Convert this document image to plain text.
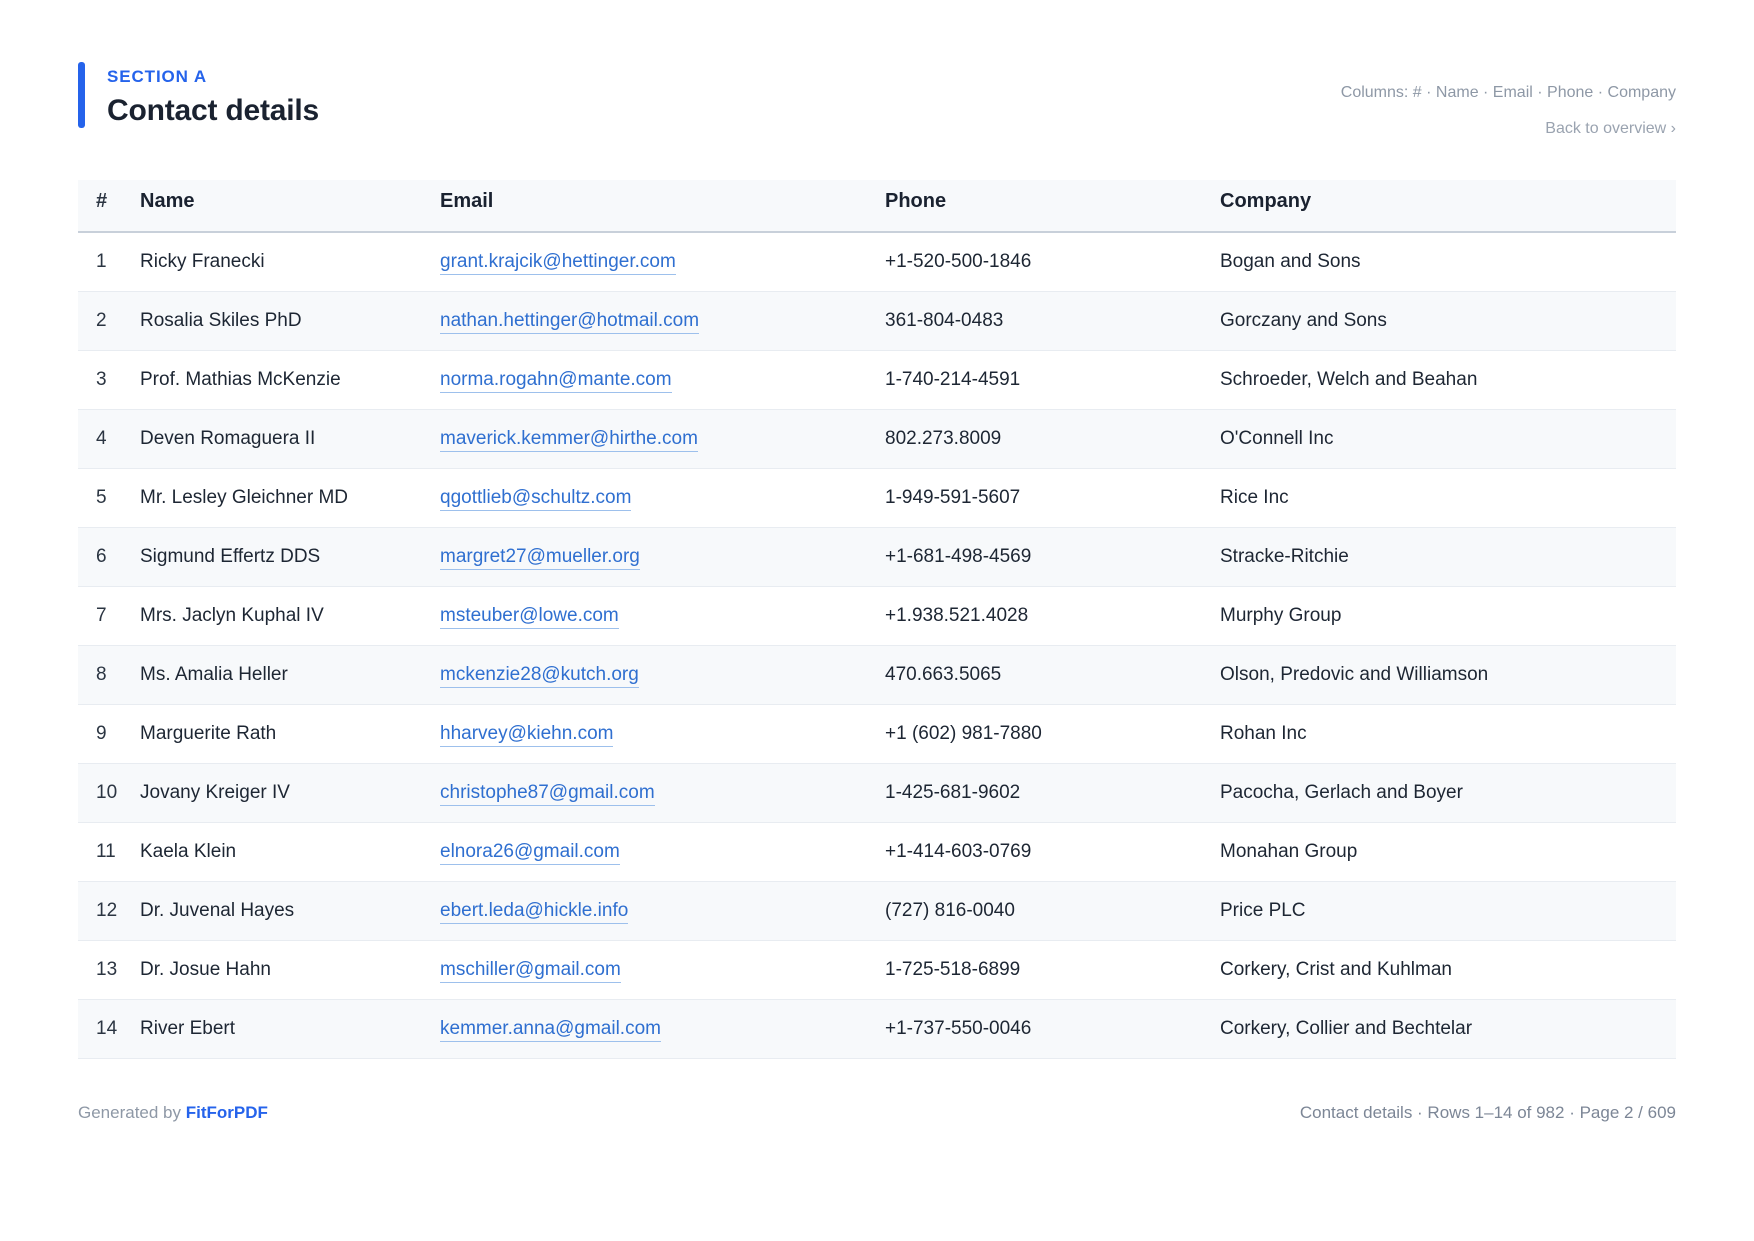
SECTION A
Contact details
Columns: # · Name · Email · Phone · Company
Back to overview ›
#	Name	Email	Phone	Company
1	Ricky Franecki	grant.krajcik@hettinger.com	+1-520-500-1846	Bogan and Sons
2	Rosalia Skiles PhD	nathan.hettinger@hotmail.com	361-804-0483	Gorczany and Sons
3	Prof. Mathias McKenzie	norma.rogahn@mante.com	1-740-214-4591	Schroeder, Welch and Beahan
4	Deven Romaguera II	maverick.kemmer@hirthe.com	802.273.8009	O'Connell Inc
5	Mr. Lesley Gleichner MD	qgottlieb@schultz.com	1-949-591-5607	Rice Inc
6	Sigmund Effertz DDS	margret27@mueller.org	+1-681-498-4569	Stracke-Ritchie
7	Mrs. Jaclyn Kuphal IV	msteuber@lowe.com	+1.938.521.4028	Murphy Group
8	Ms. Amalia Heller	mckenzie28@kutch.org	470.663.5065	Olson, Predovic and Williamson
9	Marguerite Rath	hharvey@kiehn.com	+1 (602) 981-7880	Rohan Inc
10	Jovany Kreiger IV	christophe87@gmail.com	1-425-681-9602	Pacocha, Gerlach and Boyer
11	Kaela Klein	elnora26@gmail.com	+1-414-603-0769	Monahan Group
12	Dr. Juvenal Hayes	ebert.leda@hickle.info	(727) 816-0040	Price PLC
13	Dr. Josue Hahn	mschiller@gmail.com	1-725-518-6899	Corkery, Crist and Kuhlman
14	River Ebert	kemmer.anna@gmail.com	+1-737-550-0046	Corkery, Collier and Bechtelar
Generated by FitForPDF	Contact details · Rows 1–14 of 982 · Page 2 / 609
